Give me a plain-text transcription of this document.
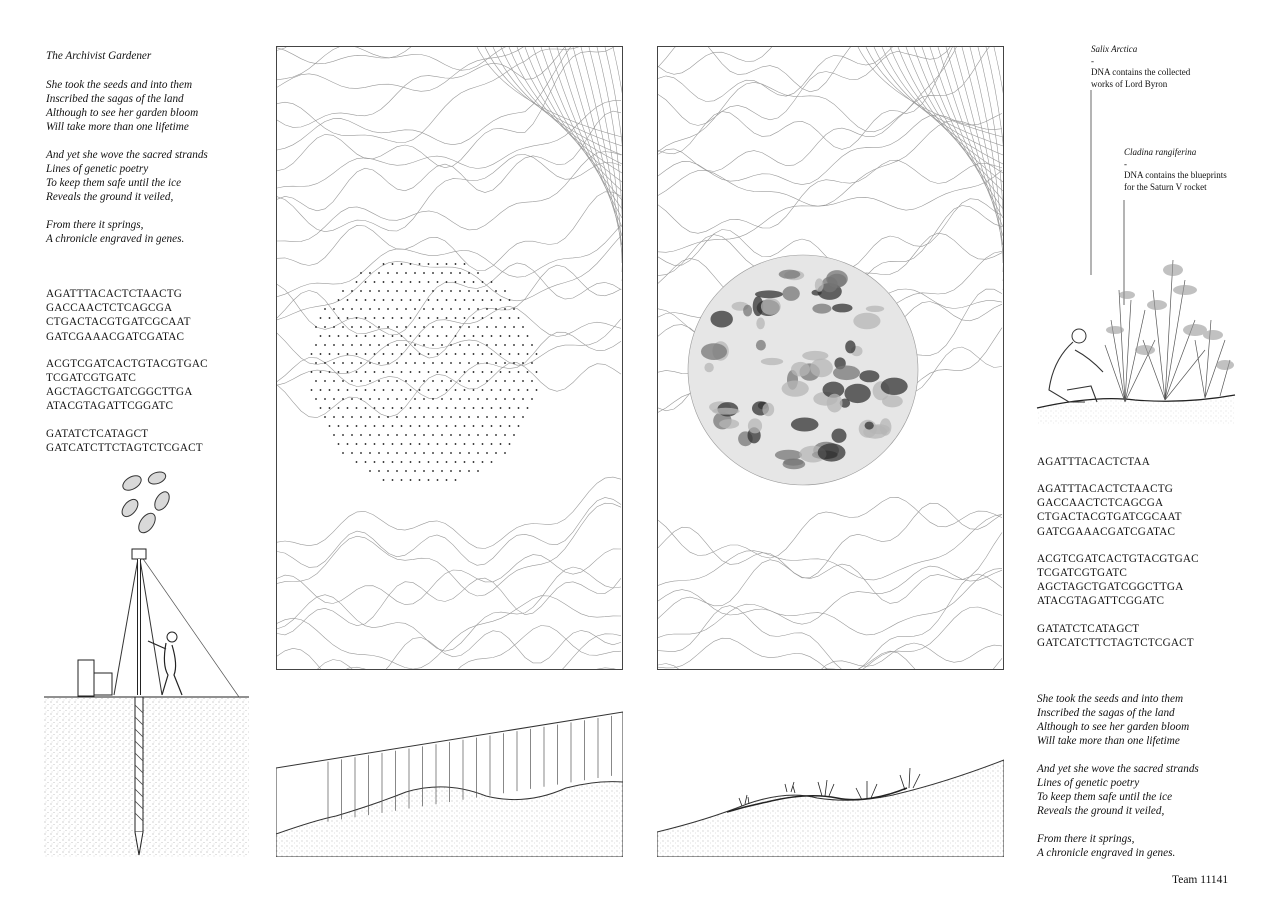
The Archivist Gardener
She took the seeds and into them
Inscribed the sagas of the land
Although to see her garden bloom
Will take more than one lifetime
And yet she wove the sacred strands
Lines of genetic poetry
To keep them safe until the ice
Reveals the ground it veiled,
From there it springs,
A chronicle engraved in genes.
AGATTTACACTCTAACTG
GACCAACTCTCAGCGA
CTGACTACGTGATCGCAAT
GATCGAAACGATCGATAC
ACGTCGATCACTGTACGTGAC
TCGATCGTGATC
AGCTAGCTGATCGGCTTGA
ATACGTAGATTCGGATC
GATATCTCATAGCT
GATCATCTTCTAGTCTCGACT
Salix Arctica
-
DNA contains the collected
works of Lord Byron
Cladina rangiferina
-
DNA contains the blueprints
for the Saturn V rocket
AGATTTACACTCTAA
AGATTTACACTCTAACTG
GACCAACTCTCAGCGA
CTGACTACGTGATCGCAAT
GATCGAAACGATCGATAC
ACGTCGATCACTGTACGTGAC
TCGATCGTGATC
AGCTAGCTGATCGGCTTGA
ATACGTAGATTCGGATC
GATATCTCATAGCT
GATCATCTTCTAGTCTCGACT
She took the seeds and into them
Inscribed the sagas of the land
Although to see her garden bloom
Will take more than one lifetime
And yet she wove the sacred strands
Lines of genetic poetry
To keep them safe until the ice
Reveals the ground it veiled,
From there it springs,
A chronicle engraved in genes.
Team 11141
